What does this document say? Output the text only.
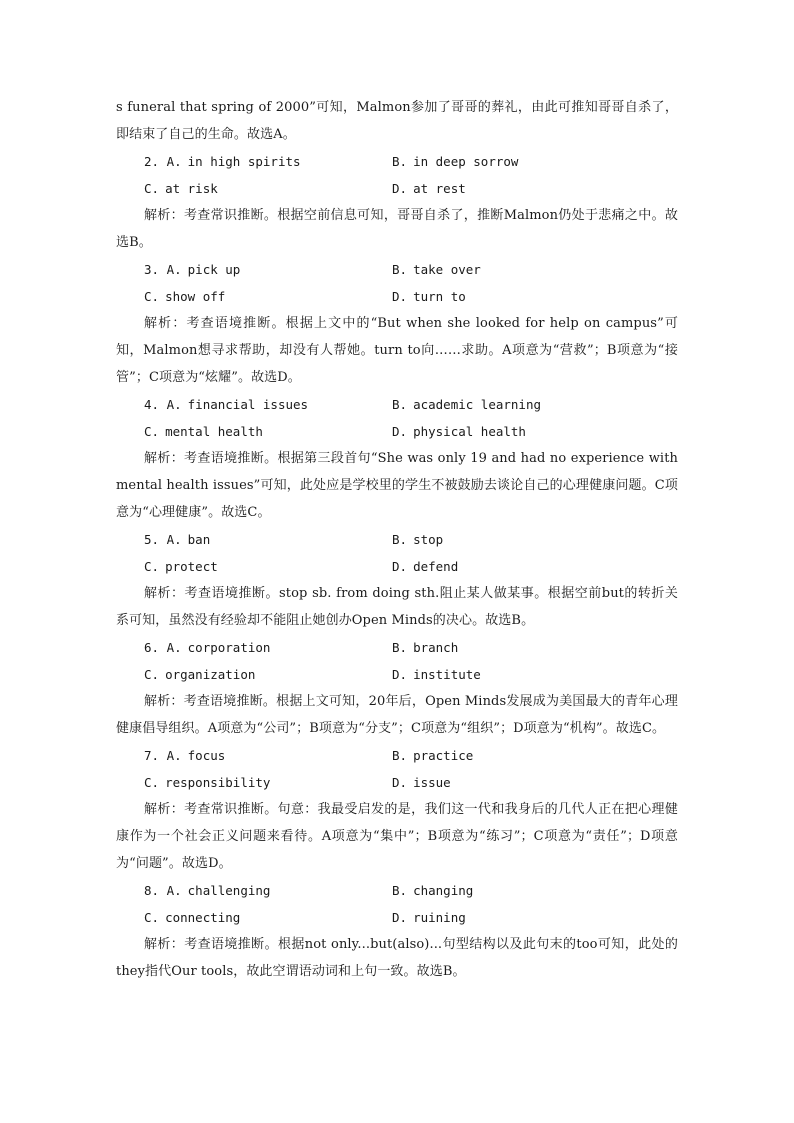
s funeral that spring of 2000”可知，Malmon参加了哥哥的葬礼，由此可推知哥哥自杀了，即结束了自己的生命。故选A。

2. A. in high spirits	B. in deep sorrow
C. at risk	D. at rest

解析：考查常识推断。根据空前信息可知，哥哥自杀了，推断Malmon仍处于悲痛之中。故选B。

3. A. pick up	B. take over
C. show off	D. turn to

解析：考查语境推断。根据上文中的“But when she looked for help on campus”可知，Malmon想寻求帮助，却没有人帮她。turn to向……求助。A项意为“营救”；B项意为“接管”；C项意为“炫耀”。故选D。

4. A. financial issues	B. academic learning
C. mental health	D. physical health

解析：考查语境推断。根据第三段首句“She was only 19 and had no experience with mental health issues”可知，此处应是学校里的学生不被鼓励去谈论自己的心理健康问题。C项意为“心理健康”。故选C。

5. A. ban	B. stop
C. protect	D. defend

解析：考查语境推断。stop sb. from doing sth.阻止某人做某事。根据空前but的转折关系可知，虽然没有经验却不能阻止她创办Open Minds的决心。故选B。

6. A. corporation	B. branch
C. organization	D. institute

解析：考查语境推断。根据上文可知，20年后，Open Minds发展成为美国最大的青年心理健康倡导组织。A项意为“公司”；B项意为“分支”；C项意为“组织”；D项意为“机构”。故选C。

7. A. focus	B. practice
C. responsibility	D. issue

解析：考查常识推断。句意：我最受启发的是，我们这一代和我身后的几代人正在把心理健康作为一个社会正义问题来看待。A项意为“集中”；B项意为“练习”；C项意为“责任”；D项意为“问题”。故选D。

8. A. challenging	B. changing
C. connecting	D. ruining

解析：考查语境推断。根据not only...but(also)...句型结构以及此句末的too可知，此处的they指代Our tools，故此空谓语动词和上句一致。故选B。
